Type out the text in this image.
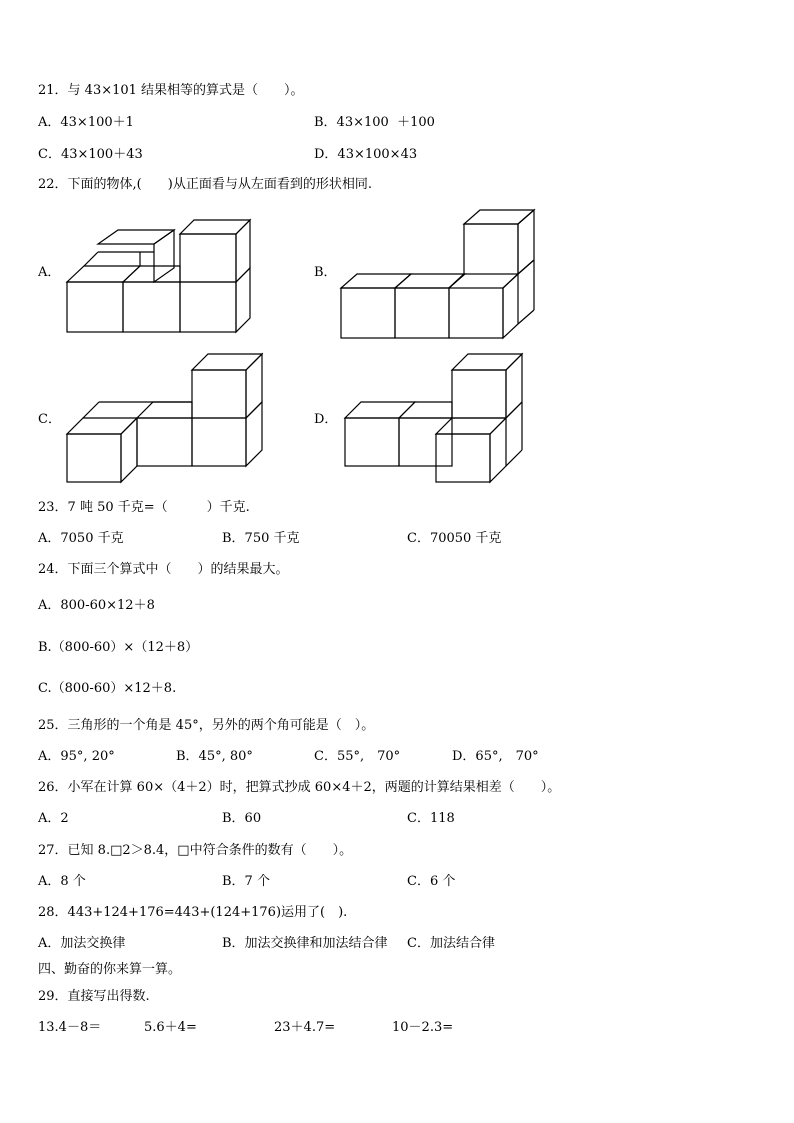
21．与 43×101 结果相等的算式是（　　）。
A．43×100＋1	B．43×100  ＋100
C．43×100＋43	D．43×100×43
22．下面的物体,(　　)从正面看与从左面看到的形状相同.
A．	B．
C．	D．
23．7 吨 50 千克=（　　　）千克.
A．7050 千克	B．750 千克	C．70050 千克
24．下面三个算式中（　　）的结果最大。
A．800-60×12＋8
B.（800-60）×（12＋8）
C.（800-60）×12＋8.
25．三角形的一个角是 45°，另外的两个角可能是（　）。
A．95°, 20°	B．45°, 80°	C．55°,　70°	D．65°,　70°
26．小军在计算 60×（4＋2）时，把算式抄成 60×4＋2，两题的计算结果相差（　　）。
A．2	B．60	C．118
27．已知 8.□2＞8.4，□中符合条件的数有（　　）。
A．8 个	B．7 个	C．6 个
28．443+124+176=443+(124+176)运用了(　).
A．加法交换律	B．加法交换律和加法结合律 C．加法结合律
四、勤奋的你来算一算。
29．直接写出得数.
13.4－8＝	5.6＋4=	23＋4.7=	10－2.3=
